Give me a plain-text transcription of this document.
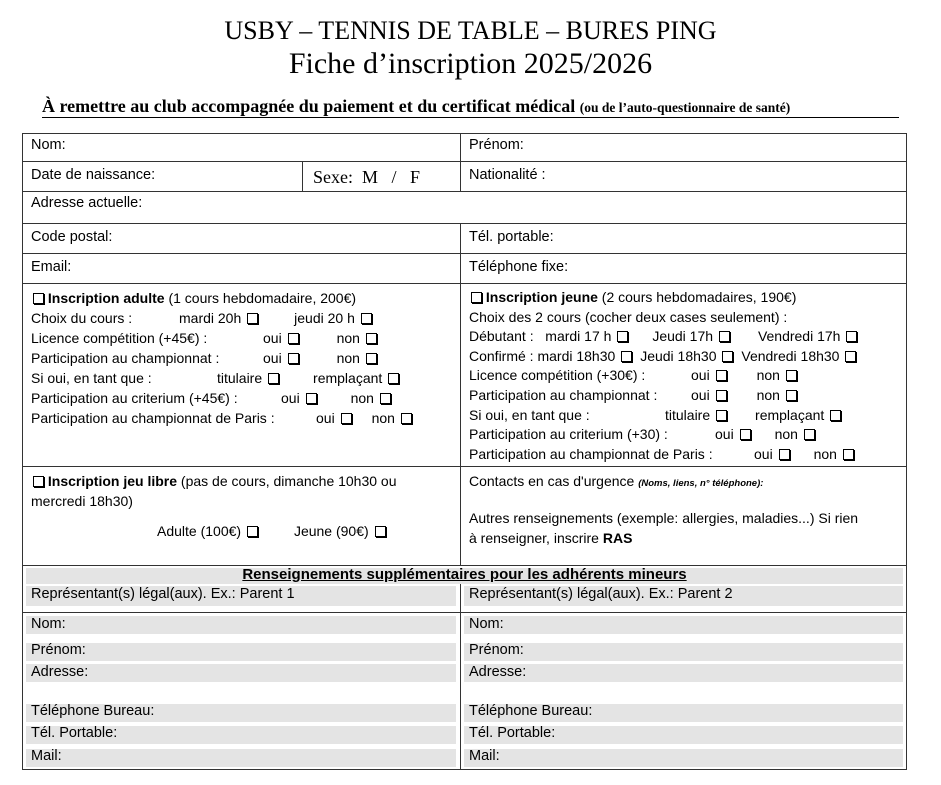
USBY – TENNIS DE TABLE – BURES PING
Fiche d’inscription 2025/2026
À remettre au club accompagnée du paiement et du certificat médical (ou de l’auto-questionnaire de santé)
Nom:	Prénom:
Date de naissance:	Sexe:  M   /   F	Nationalité :
Adresse actuelle:
Code postal:	Tél. portable:
Email:	Téléphone fixe:
Inscription adulte (1 cours hebdomadaire, 200€)
Choix du cours :	mardi 20h	jeudi 20 h
Licence compétition (+45€) :	oui	non
Participation au championnat :	oui	non
Si oui, en tant que :	titulaire	remplaçant
Participation au criterium (+45€) :	oui	non
Participation au championnat de Paris :	oui	non
Inscription jeune (2 cours hebdomadaires, 190€)
Choix des 2 cours (cocher deux cases seulement) :
Débutant : mardi 17 h	Jeudi 17h	Vendredi 17h
Confirmé : mardi 18h30 Jeudi 18h30 Vendredi 18h30
Licence compétition (+30€) :	oui	non
Participation au championnat : oui	non
Si oui, en tant que :	titulaire	remplaçant
Participation au criterium (+30) :	oui	non
Participation au championnat de Paris :	oui	non
Inscription jeu libre (pas de cours, dimanche 10h30 ou
mercredi 18h30)
Adulte (100€)	Jeune (90€)
Contacts en cas d'urgence (Noms, liens, n° téléphone):
Autres renseignements (exemple: allergies, maladies...) Si rien
à renseigner, inscrire RAS
Renseignements supplémentaires pour les adhérents mineurs
Représentant(s) légal(aux). Ex.: Parent 1
Nom:
Prénom:
Adresse:
Téléphone Bureau:
Tél. Portable:
Mail:
Représentant(s) légal(aux). Ex.: Parent 2
Nom:
Prénom:
Adresse:
Téléphone Bureau:
Tél. Portable:
Mail:
